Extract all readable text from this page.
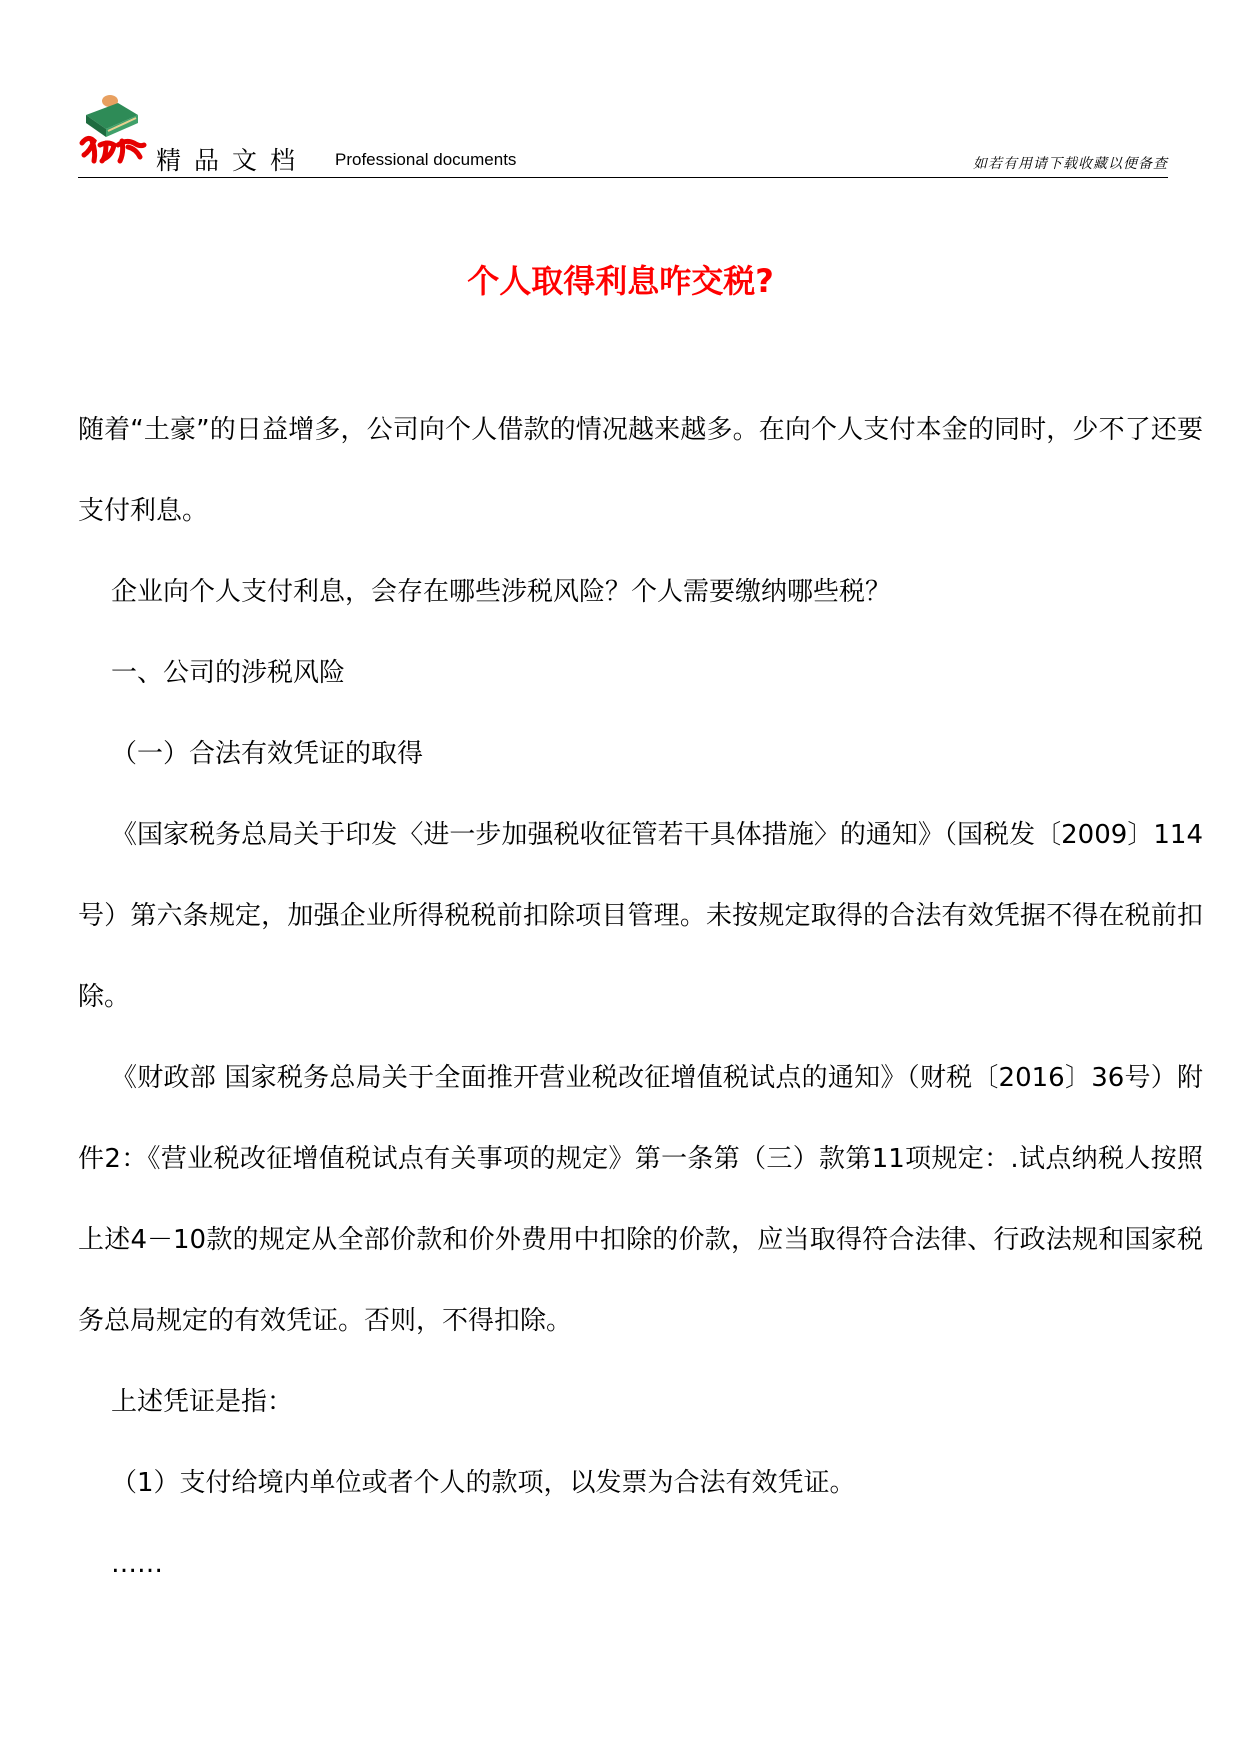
精品文档 Professional documents	如若有用请下载收藏以便备查
个人取得利息咋交税?

随着“土豪”的日益增多，公司向个人借款的情况越来越多。在向个人支付本金的同时，少不了还要支付利息。

企业向个人支付利息，会存在哪些涉税风险？个人需要缴纳哪些税？

一、公司的涉税风险

（一）合法有效凭证的取得

《国家税务总局关于印发〈进一步加强税收征管若干具体措施〉的通知》（国税发〔2009〕114号）第六条规定，加强企业所得税税前扣除项目管理。未按规定取得的合法有效凭据不得在税前扣除。

《财政部 国家税务总局关于全面推开营业税改征增值税试点的通知》（财税〔2016〕36号）附件2：《营业税改征增值税试点有关事项的规定》第一条第（三）款第11项规定：.试点纳税人按照上述4－10款的规定从全部价款和价外费用中扣除的价款，应当取得符合法律、行政法规和国家税务总局规定的有效凭证。否则，不得扣除。

上述凭证是指：

（1）支付给境内单位或者个人的款项，以发票为合法有效凭证。

……
